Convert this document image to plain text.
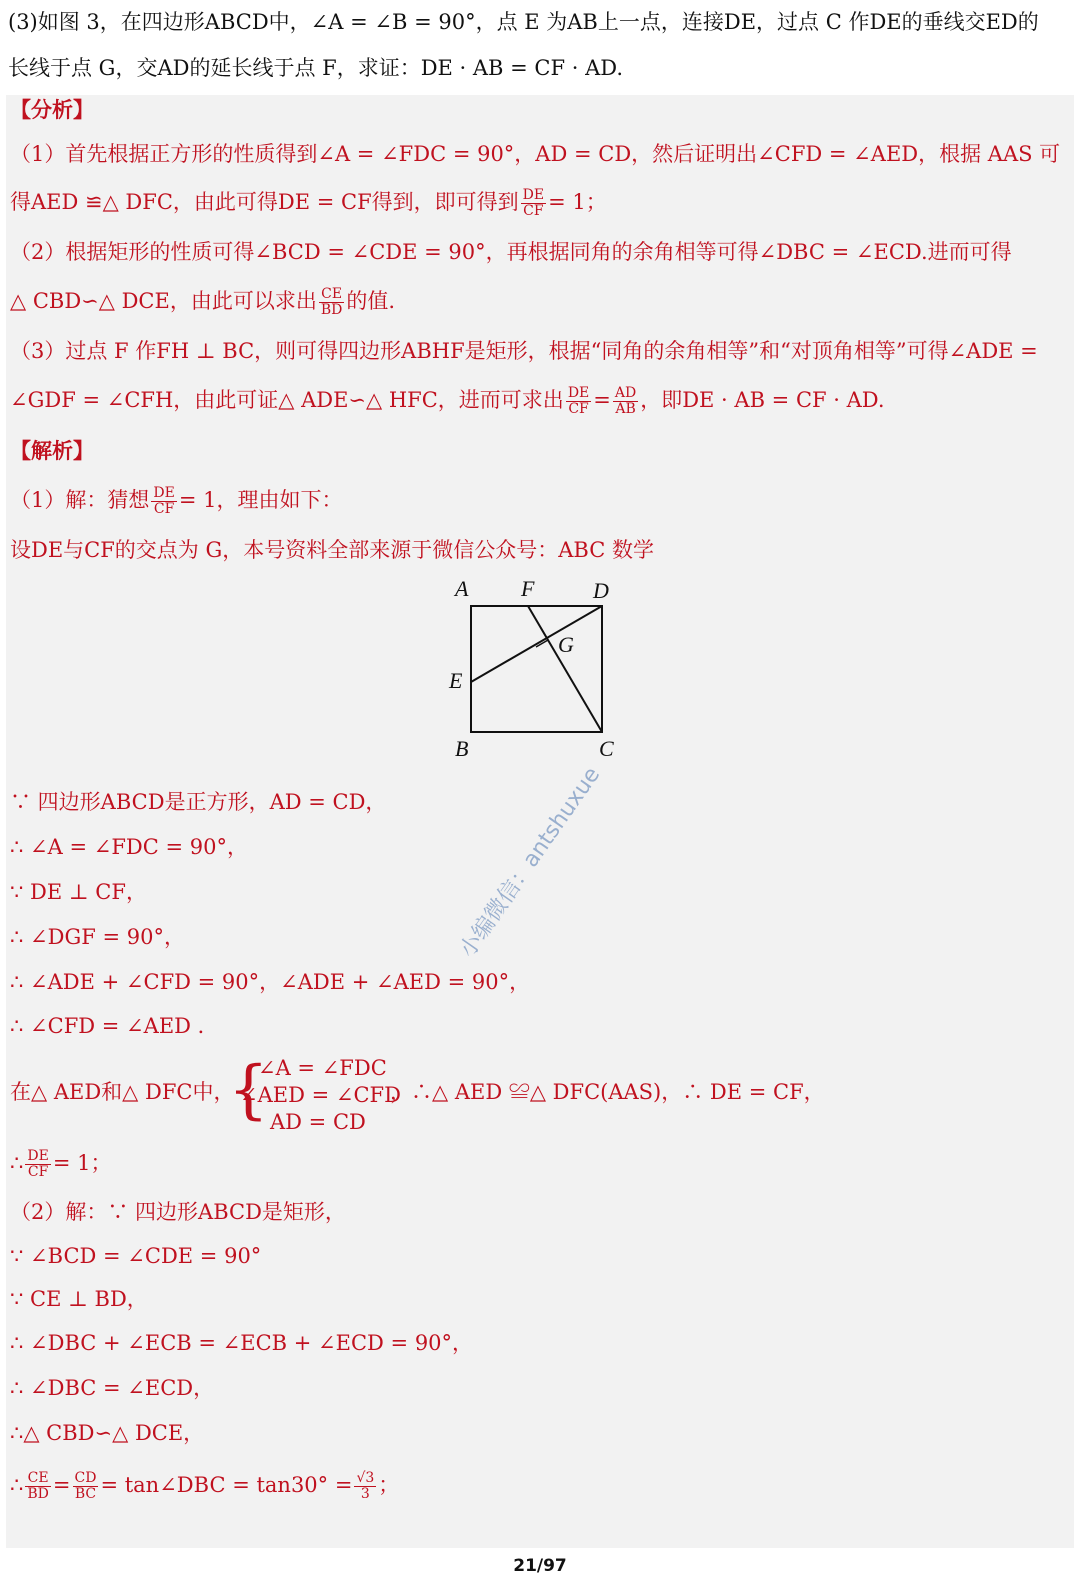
(3)如图 3，在四边形ABCD中，∠A = ∠B = 90°，点 E 为AB上一点，连接DE，过点 C 作DE的垂线交ED的
长线于点 G，交AD的延长线于点 F，求证：DE · AB = CF · AD.
【分析】
（1）首先根据正方形的性质得到∠A = ∠FDC = 90°，AD = CD，然后证明出∠CFD = ∠AED，根据 AAS 可
得AED ≌△ DFC，由此可得DE = CF得到，即可得到 $\frac{DE}{CF} = 1$；
（2）根据矩形的性质可得∠BCD = ∠CDE = 90°，再根据同角的余角相等可得∠DBC = ∠ECD.进而可得
△ CBD∽△ DCE，由此可以求出 $\frac{CE}{BD}$ 的值.
（3）过点 F 作FH ⊥ BC，则可得四边形ABHF是矩形，根据“同角的余角相等”和“对顶角相等”可得∠ADE =
∠GDF = ∠CFH，由此可证△ ADE∽△ HFC，进而可求出 $\frac{DE}{CF} = \frac{AD}{AB}$ ，即DE · AB = CF · AD.
【解析】
（1）解：猜想 $\frac{DE}{CF} = 1$，理由如下：
设DE与CF的交点为 G，本号资料全部来源于微信公众号：ABC 数学
∵ 四边形ABCD是正方形，AD = CD，
∴ ∠A = ∠FDC = 90°，
∵ DE ⊥ CF，
∴ ∠DGF = 90°，
∴ ∠ADE + ∠CFD = 90°，∠ADE + ∠AED = 90°，
∴ ∠CFD = ∠AED ．
在△ AED和△ DFC中，
{
∠A = ∠FDC
∠AED = ∠CFD
AD = CD
，∴△ AED ≌△ DFC(AAS)，∴ DE = CF，
∴ $\frac{DE}{CF} = 1$；
（2）解：∵ 四边形ABCD是矩形，
∵ ∠BCD = ∠CDE = 90°
∵ CE ⊥ BD，
∴ ∠DBC + ∠ECB = ∠ECB + ∠ECD = 90°，
∴ ∠DBC = ∠ECD，
∴△ CBD∽△ DCE，
∴ $\frac{CE}{BD} = \frac{CD}{BC}$ = tan∠DBC = $\tan 30^\circ = \frac{√3}{3}$ ；
A F	D
G
E
B	C
小编微信：antshuxue
21/97
